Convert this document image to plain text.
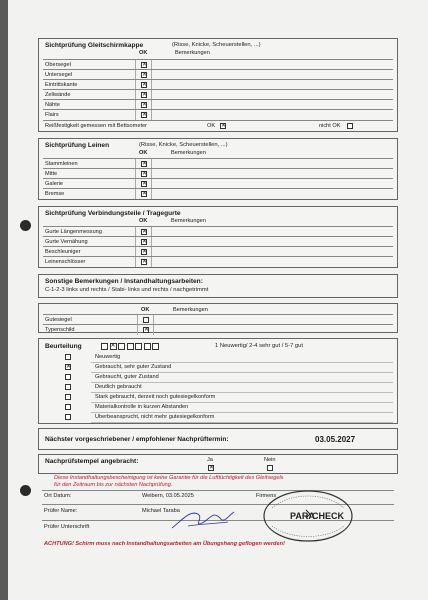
Sichtprüfung Gleitschirmkappe	(Risse, Knicke, Scheuerstellen, ...)
OK	Bemerkungen
Obersegel	✕
Untersegel	✕
Eintrittskante	✕
Zellwände	✕
Nähte	✕
Flairs	✕
Reißfestigkeit gemessen mit Bettsometer	OK ✕	nicht OK
Sichtprüfung Leinen	(Risse, Knicke, Scheuerstellen, ...)
OK	Bemerkungen
Stammleinen	✕
Mitte	✕
Galerie	✕
Bremse	✕
Sichtprüfung Verbindungsteile / Tragegurte
OK	Bemerkungen
Gurte Längenmessung	✕
Gurte Vernähung	✕
Beschleuniger	✕
Leinenschlösser	✕
Sonstige Bemerkungen / Instandhaltungsarbeiten:
C-1-2-3 links und rechts / Stabi- links und rechts / nachgetrimmt
OK	Bemerkungen
Gutesiegel
Typenschild	✕
Beurteilung	✕	1 Neuwertig/ 2-4 sehr gut / 5-7 gut
Neuwertig
✕	Gebraucht, sehr guter Zustand
Gebraucht, guter Zustand
Deutlich gebraucht
Stark gebraucht, derzeit noch gutesiegelkonform
Materialkontrolle in kurzen Abstanden
Uberbeansprucht, nicht mehr gutesiegelkonform
Nächster vorgeschriebener / empfohlener Nachprüftermin:	03.05.2027
Nachprüfstempel angebracht:	Ja
✕
Nein
Diese Instandhaltungsbescheinigung ist keine Garantie für die Lufttüchtigkeit des Gleitsegels
für den Zeitraum bis zur nächsten Nachprüfung.
Ort Datum:	Weibern, 03.05.2025	Firmens
Prüfer Name:	Michael Taraba
Prüfer Unterschrift
PARA
CHECK
ACHTUNG! Schirm muss nach Instandhaltungsarbeiten am Übungshang geflogen werden!
